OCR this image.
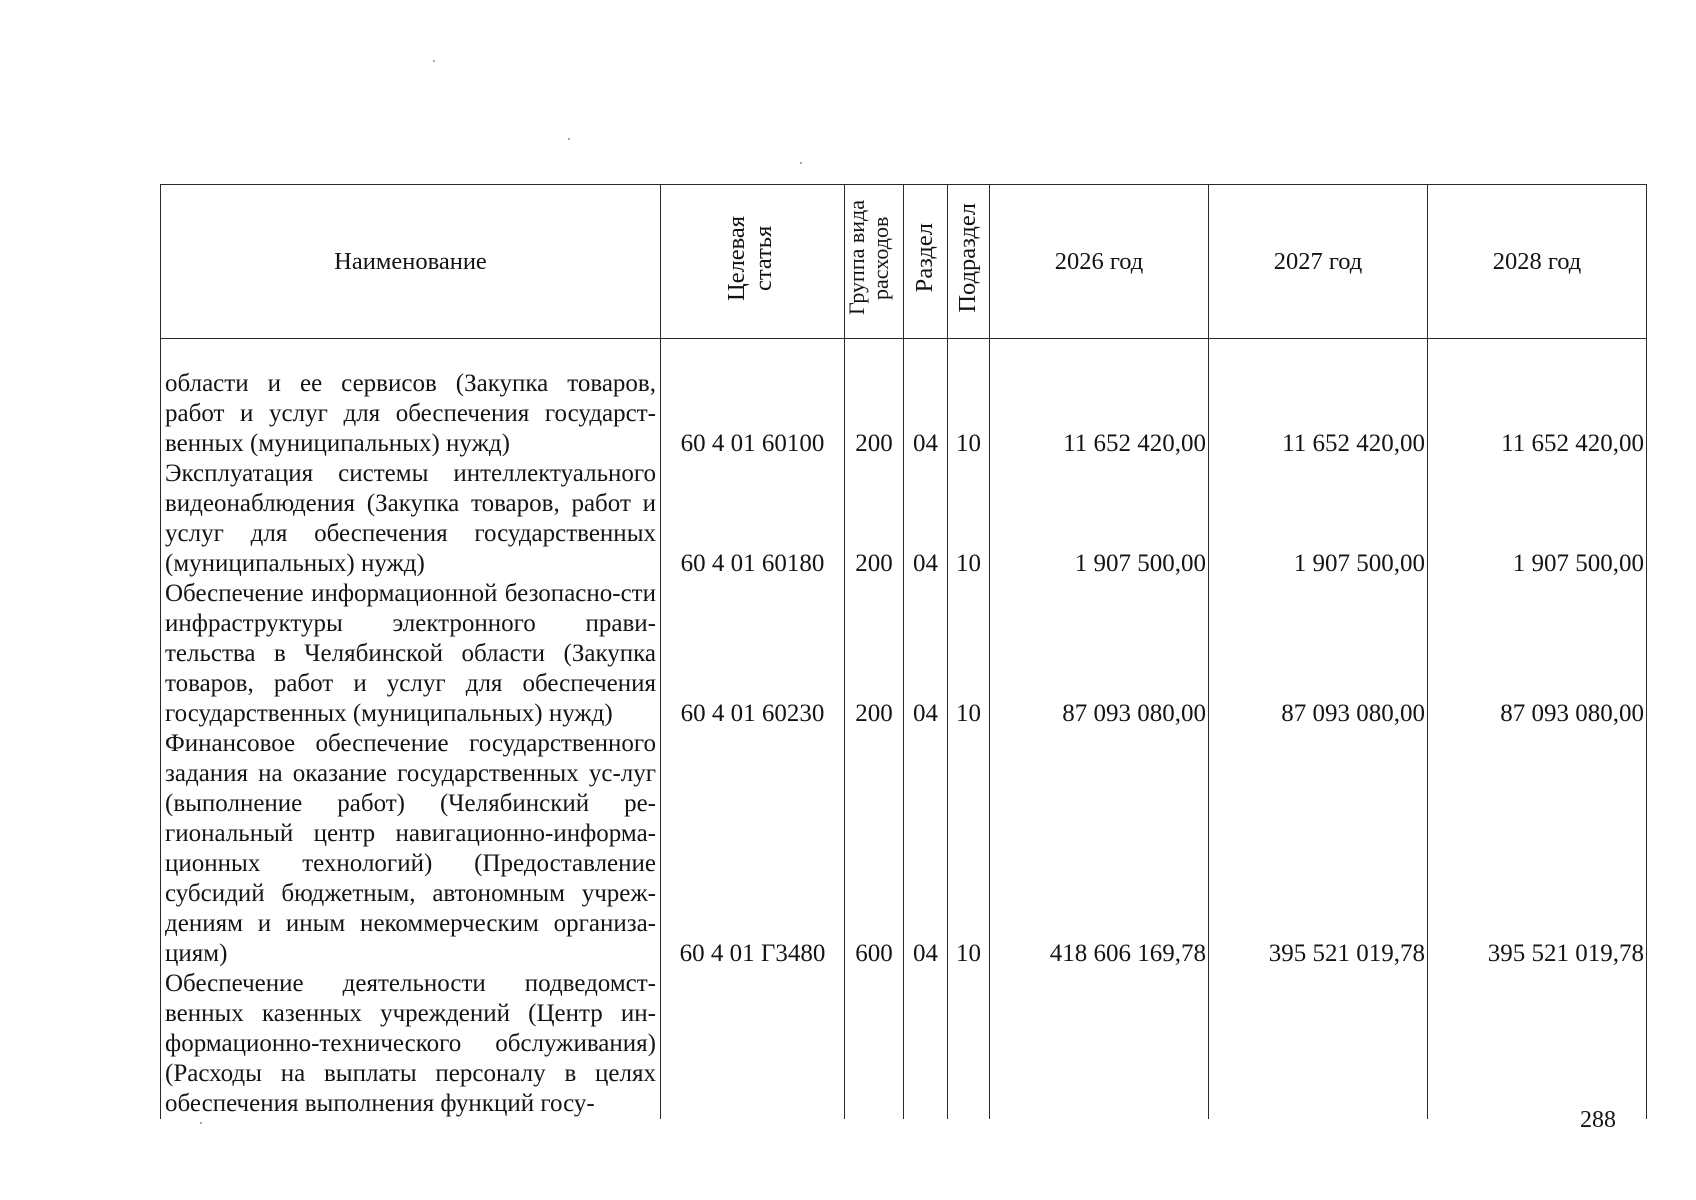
Наименование	Целевая статья	Группа вида расходов	Раздел	Подраздел	2026 год	2027 год	2028 год
области и ее сервисов (Закупка товаров, работ и услуг для обеспечения государст-венных (муниципальных) нужд)	60 4 01 60100	200	04	10	11 652 420,00	11 652 420,00	11 652 420,00
Эксплуатация системы интеллектуального видеонаблюдения (Закупка товаров, работ и услуг для обеспечения государственных (муниципальных) нужд)	60 4 01 60180	200	04	10	1 907 500,00	1 907 500,00	1 907 500,00
Обеспечение информационной безопасно-сти инфраструктуры электронного прави-тельства в Челябинской области (Закупка товаров, работ и услуг для обеспечения государственных (муниципальных) нужд)	60 4 01 60230	200	04	10	87 093 080,00	87 093 080,00	87 093 080,00
Финансовое обеспечение государственного задания на оказание государственных ус-луг (выполнение работ) (Челябинский ре-гиональный центр навигационно-информа-ционных технологий) (Предоставление субсидий бюджетным, автономным учреж-дениям и иным некоммерческим организа-циям)	60 4 01 Г3480	600	04	10	418 606 169,78	395 521 019,78	395 521 019,78
Обеспечение деятельности подведомст-венных казенных учреждений (Центр ин-формационно-технического обслуживания) (Расходы на выплаты персоналу в целях обеспечения выполнения функций госу-							
288
